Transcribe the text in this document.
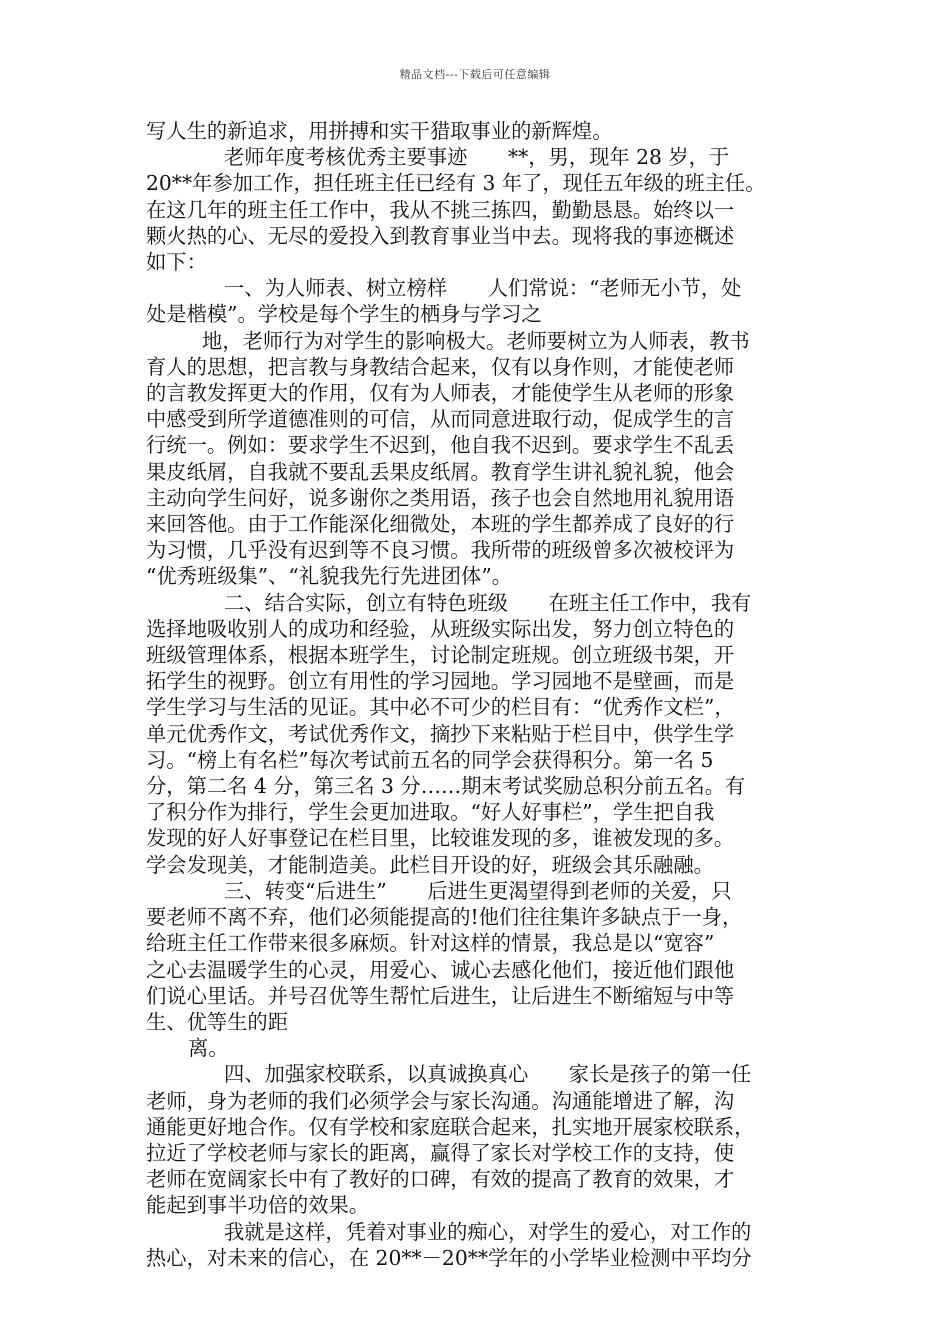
精品文档---下载后可任意编辑
写人生的新追求，用拼搏和实干猎取事业的新辉煌。
老师年度考核优秀主要事迹　　**，男，现年 28 岁，于
20**年参加工作，担任班主任已经有 3 年了，现任五年级的班主任。
在这几年的班主任工作中，我从不挑三拣四，勤勤恳恳。始终以一
颗火热的心、无尽的爱投入到教育事业当中去。现将我的事迹概述
如下：
一、为人师表、树立榜样　　人们常说：“老师无小节，处
处是楷模”。学校是每个学生的栖身与学习之
地，老师行为对学生的影响极大。老师要树立为人师表，教书
育人的思想，把言教与身教结合起来，仅有以身作则，才能使老师
的言教发挥更大的作用，仅有为人师表，才能使学生从老师的形象
中感受到所学道德准则的可信，从而同意进取行动，促成学生的言
行统一。例如：要求学生不迟到，他自我不迟到。要求学生不乱丢
果皮纸屑，自我就不要乱丢果皮纸屑。教育学生讲礼貌礼貌，他会
主动向学生问好，说多谢你之类用语，孩子也会自然地用礼貌用语
来回答他。由于工作能深化细微处，本班的学生都养成了良好的行
为习惯，几乎没有迟到等不良习惯。我所带的班级曾多次被校评为
“优秀班级集”、“礼貌我先行先进团体”。
二、结合实际，创立有特色班级　　在班主任工作中，我有
选择地吸收别人的成功和经验，从班级实际出发，努力创立特色的
班级管理体系，根据本班学生，讨论制定班规。创立班级书架，开
拓学生的视野。创立有用性的学习园地。学习园地不是壁画，而是
学生学习与生活的见证。其中必不可少的栏目有：“优秀作文栏”，
单元优秀作文，考试优秀作文，摘抄下来粘贴于栏目中，供学生学
习。“榜上有名栏”每次考试前五名的同学会获得积分。第一名 5
分，第二名 4 分，第三名 3 分……期末考试奖励总积分前五名。有
了积分作为排行，学生会更加进取。“好人好事栏”，学生把自我
发现的好人好事登记在栏目里，比较谁发现的多，谁被发现的多。
学会发现美，才能制造美。此栏目开设的好，班级会其乐融融。
三、转变“后进生”　　后进生更渴望得到老师的关爱，只
要老师不离不弃，他们必须能提高的!他们往往集许多缺点于一身，
给班主任工作带来很多麻烦。针对这样的情景，我总是以“宽容”
之心去温暖学生的心灵，用爱心、诚心去感化他们，接近他们跟他
们说心里话。并号召优等生帮忙后进生，让后进生不断缩短与中等
生、优等生的距
离。
四、加强家校联系，以真诚换真心　　家长是孩子的第一任
老师，身为老师的我们必须学会与家长沟通。沟通能增进了解，沟
通能更好地合作。仅有学校和家庭联合起来，扎实地开展家校联系，
拉近了学校老师与家长的距离，赢得了家长对学校工作的支持，使
老师在宽阔家长中有了教好的口碑，有效的提高了教育的效果，才
能起到事半功倍的效果。
我就是这样，凭着对事业的痴心，对学生的爱心，对工作的
热心，对未来的信心，在 20**－20**学年的小学毕业检测中平均分
